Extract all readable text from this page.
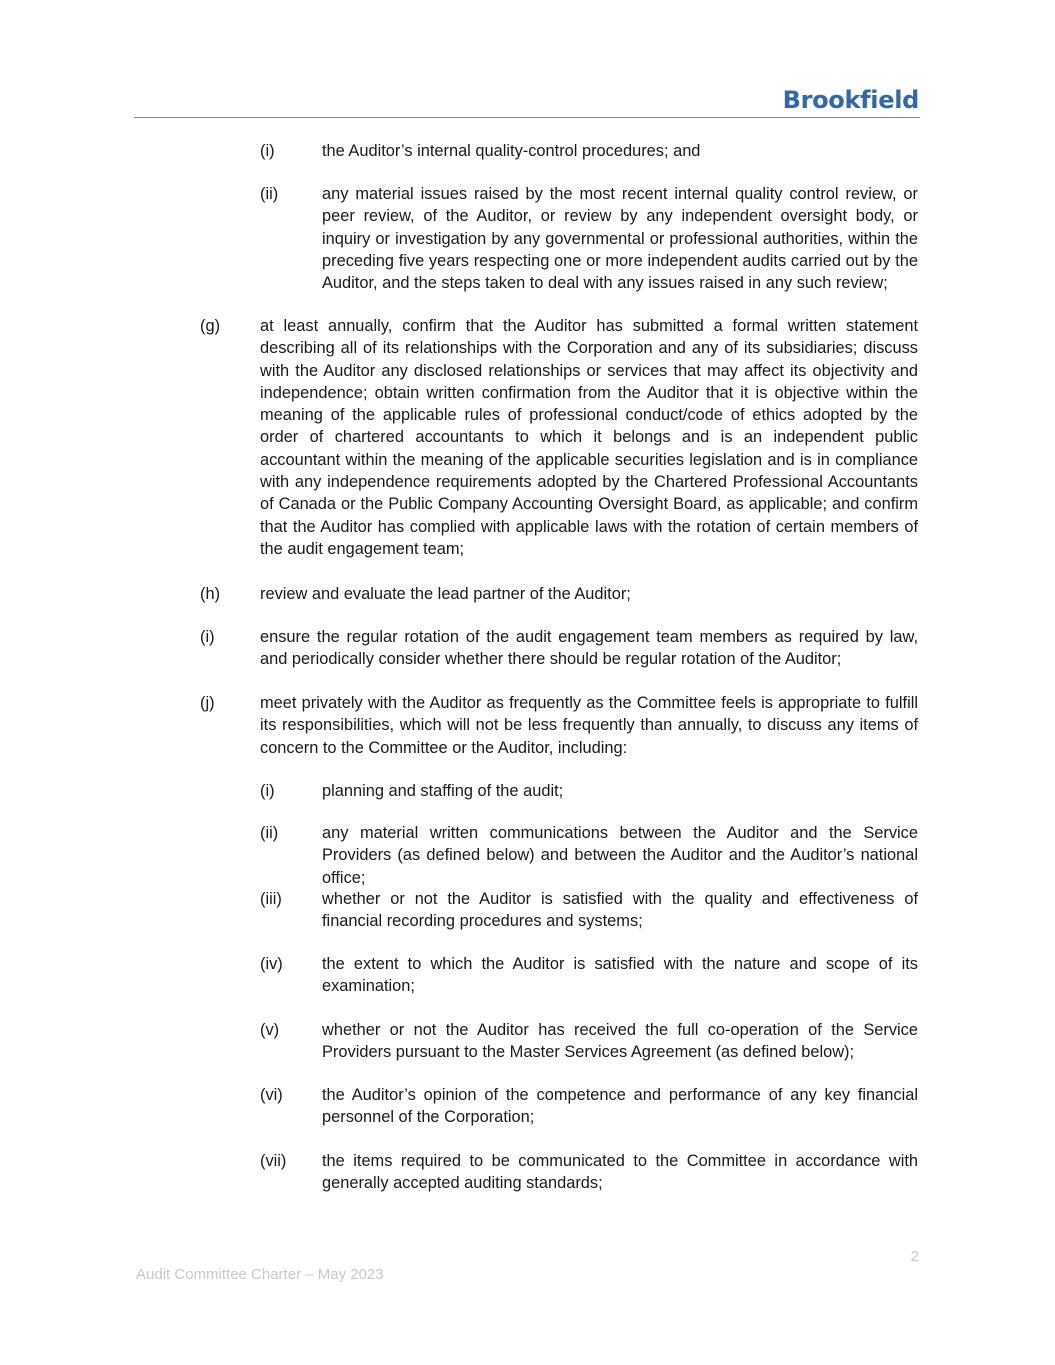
Brookfield
(i)	the Auditor’s internal quality-control procedures; and
(ii)	any material issues raised by the most recent internal quality control review, or peer review, of the Auditor, or review by any independent oversight body, or inquiry or investigation by any governmental or professional authorities, within the preceding five years respecting one or more independent audits carried out by the Auditor, and the steps taken to deal with any issues raised in any such review;
(g) at least annually, confirm that the Auditor has submitted a formal written statement describing all of its relationships with the Corporation and any of its subsidiaries; discuss with the Auditor any disclosed relationships or services that may affect its objectivity and independence; obtain written confirmation from the Auditor that it is objective within the meaning of the applicable rules of professional conduct/code of ethics adopted by the order of chartered accountants to which it belongs and is an independent public accountant within the meaning of the applicable securities legislation and is in compliance with any independence requirements adopted by the Chartered Professional Accountants of Canada or the Public Company Accounting Oversight Board, as applicable; and confirm that the Auditor has complied with applicable laws with the rotation of certain members of the audit engagement team;
(h) review and evaluate the lead partner of the Auditor;
(i)	ensure the regular rotation of the audit engagement team members as required by law, and periodically consider whether there should be regular rotation of the Auditor;
(j)	meet privately with the Auditor as frequently as the Committee feels is appropriate to fulfill its responsibilities, which will not be less frequently than annually, to discuss any items of concern to the Committee or the Auditor, including:
(i)	planning and staffing of the audit;
(ii)	any material written communications between the Auditor and the Service Providers (as defined below) and between the Auditor and the Auditor’s national office;
(iii) whether or not the Auditor is satisfied with the quality and effectiveness of financial recording procedures and systems;
(iv) the extent to which the Auditor is satisfied with the nature and scope of its examination;
(v)	whether or not the Auditor has received the full co-operation of the Service Providers pursuant to the Master Services Agreement (as defined below);
(vi) the Auditor’s opinion of the competence and performance of any key financial personnel of the Corporation;
(vii) the items required to be communicated to the Committee in accordance with generally accepted auditing standards;
2
Audit Committee Charter – May 2023
